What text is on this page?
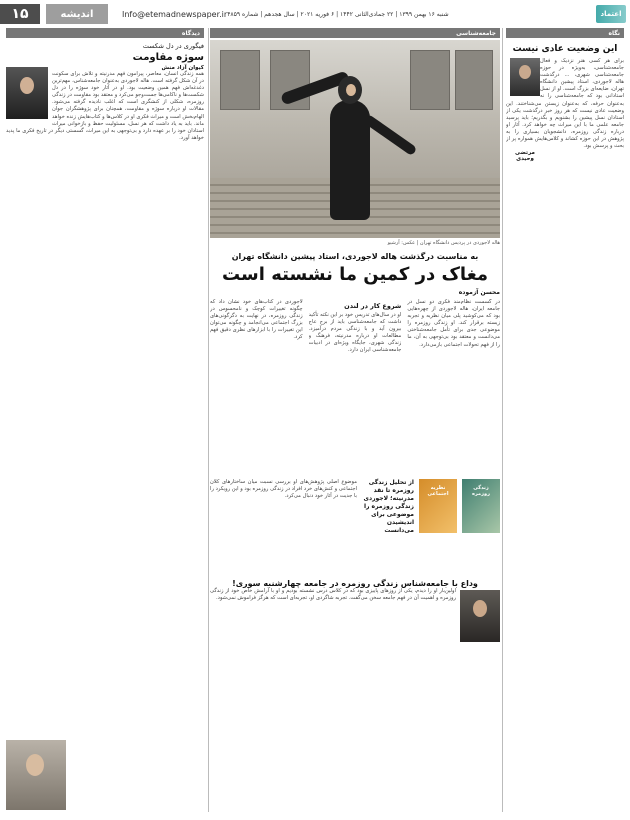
۱۵	اندیشه	Info@etemadnewspaper.ir شنبه ۱۶ بهمن ۱۳۹۹ | ۲۲ جمادی‌الثانی ۱۴۴۲ | ۶ فوریه ۲۰۲۱ | سال هجدهم | شماره ۴۸۵۹	اعتماد
نگاه
جامعه‌شناسی
دیدگاه
این وضعیت عادی نیست
برای هر کسی هنر نزدیک و فعال جامعه‌شناسی، به‌ویژه در حوزه جامعه‌شناسی شهری، ... درگذشت هاله لاجوردی، استاد پیشین دانشگاه تهران، ضایعه‌ای بزرگ است. او از نسل استادانی بود که جامعه‌شناسی را نه به‌عنوان حرفه، که به‌عنوان زیستن می‌شناختند. این وضعیت عادی نیست که هر روز خبر درگذشت یکی از استادان نسل پیشین را بشنویم و بگذریم؛ باید پرسید جامعه علمی ما با این میراث چه خواهد کرد. آثار او درباره زندگی روزمره، دانشجویان بسیاری را به پژوهش در این حوزه کشاند و کلاس‌هایش همواره پر از بحث و پرسش بود.
مرتضی وحیدی
هاله لاجوردی در پردیس دانشگاه تهران | عکس: آرشیو
به مناسبت درگذشت هاله لاجوردی، استاد پیشین دانشگاه تهران
مغاک در کمین ما نشسته است
محسن آزموده
در گسست نظام‌مند فکری دو نسل در جامعه ایران، هاله لاجوردی از چهره‌هایی بود که می‌کوشید پلی میان نظریه و تجربه زیسته برقرار کند. او زندگی روزمره را موضوعی جدی برای تأمل جامعه‌شناختی می‌دانست و معتقد بود بی‌توجهی به آن، ما را از فهم تحولات اجتماعی بازمی‌دارد.
شروع کار در لندن
او در سال‌های تدریس خود بر این نکته تأکید داشت که جامعه‌شناسی باید از برج عاج بیرون آید و با زندگی مردم درآمیزد. مطالعات او درباره مدرنیته، فرهنگ و زندگی شهری، جایگاه ویژه‌ای در ادبیات جامعه‌شناسی ایران دارد.
لاجوردی در کتاب‌های خود نشان داد که چگونه تغییرات کوچک و نامحسوس در زندگی روزمره، در نهایت به دگرگونی‌های بزرگ اجتماعی می‌انجامد و چگونه می‌توان این تغییرات را با ابزارهای نظری دقیق فهم کرد.
زندگی روزمره
نظریه اجتماعی
از تحلیل زندگی روزمره تا نقد مدرنیته؛ لاجوردی زندگی روزمره را موضوعی برای اندیشیدن می‌دانست
موضوع اصلی پژوهش‌های او بررسی نسبت میان ساختارهای کلان اجتماعی و کنش‌های خرد افراد در زندگی روزمره بود و این رویکرد را با جدیت در آثار خود دنبال می‌کرد.
وداع با جامعه‌شناس زندگی روزمره در جامعه چهارشنبه سوری!
اولین‌بار او را دیدم، یکی از روزهای پاییزی بود که در کلاس درس نشسته بودیم و او با آرامش خاص خود از زندگی روزمره و اهمیت آن در فهم جامعه سخن می‌گفت. تجربه شاگردی او، تجربه‌ای است که هرگز فراموش نمی‌شود.
فیگوری در دل شکست
سوژه مقاومت
کیوان آزاد منش
همه زندگی انسان، معاصر، پیرامون فهم مدرنیته و تلاش برای سکونت در آن شکل گرفته است. هاله لاجوردی به‌عنوان جامعه‌شناس، مهم‌ترین دغدغه‌اش فهم همین وضعیت بود. او در آثار خود سوژه را در دل شکست‌ها و ناکامی‌ها جست‌وجو می‌کرد و معتقد بود مقاومت در زندگی روزمره، شکلی از کنشگری است که اغلب نادیده گرفته می‌شود. مقالات او درباره سوژه و مقاومت، همچنان برای پژوهشگران جوان الهام‌بخش است و میراث فکری او در کلاس‌ها و کتاب‌هایش زنده خواهد ماند. باید به یاد داشت که هر نسل، مسئولیت حفظ و بازخوانی میراث استادان خود را بر عهده دارد و بی‌توجهی به این میراث، گسستی دیگر در تاریخ فکری ما پدید خواهد آورد.
